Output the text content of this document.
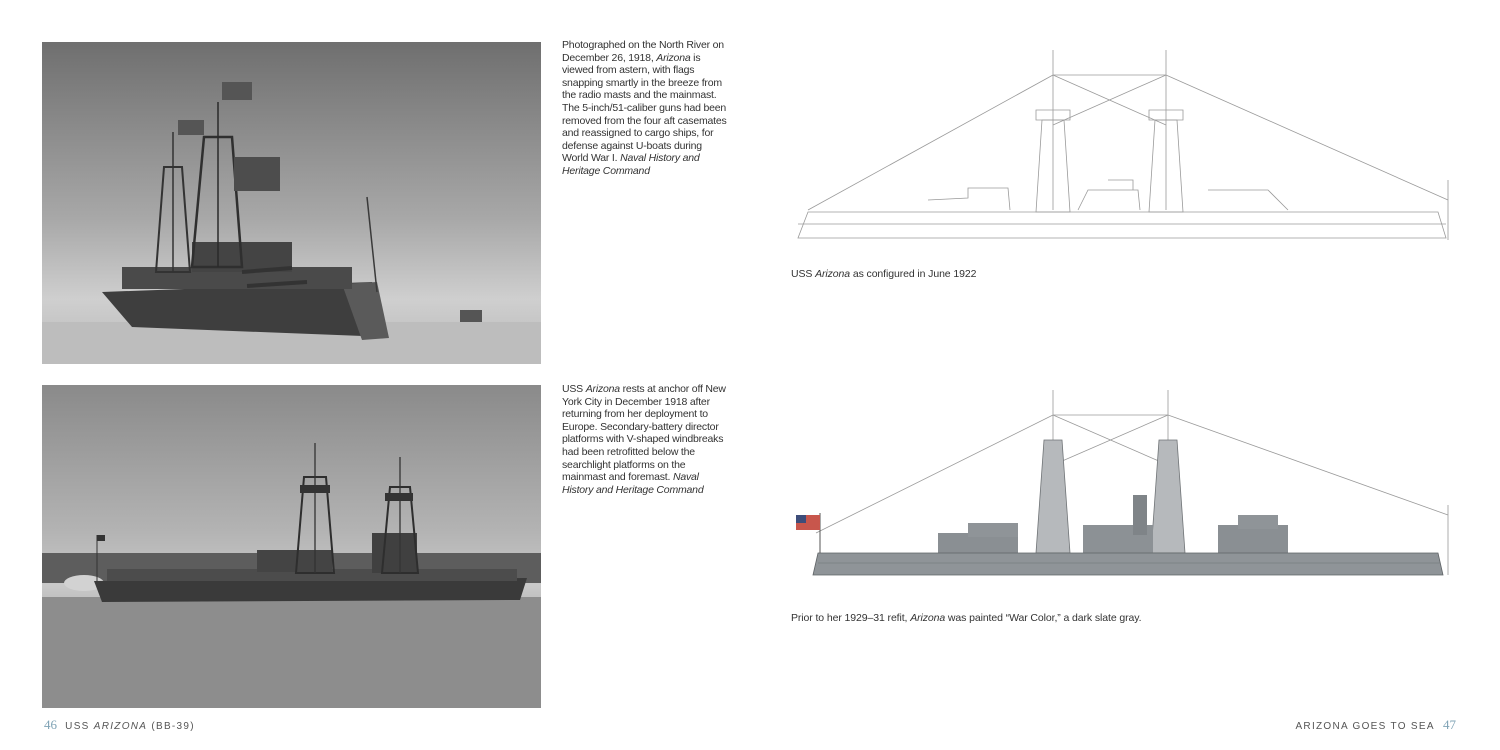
Photographed on the North River on December 26, 1918, Arizona is viewed from astern, with flags snapping smartly in the breeze from the radio masts and the mainmast. The 5-inch/51-caliber guns had been removed from the four aft casemates and reassigned to cargo ships, for defense against U-boats during World War I. Naval History and Heritage Command
USS Arizona rests at anchor off New York City in December 1918 after returning from her deployment to Europe. Secondary-battery director platforms with V-shaped windbreaks had been retrofitted below the searchlight platforms on the mainmast and foremast. Naval History and Heritage Command
USS Arizona as configured in June 1922
Prior to her 1929–31 refit, Arizona was painted “War Color,” a dark slate gray.
46 USS ARIZONA (BB-39)	ARIZONA GOES TO SEA 47
